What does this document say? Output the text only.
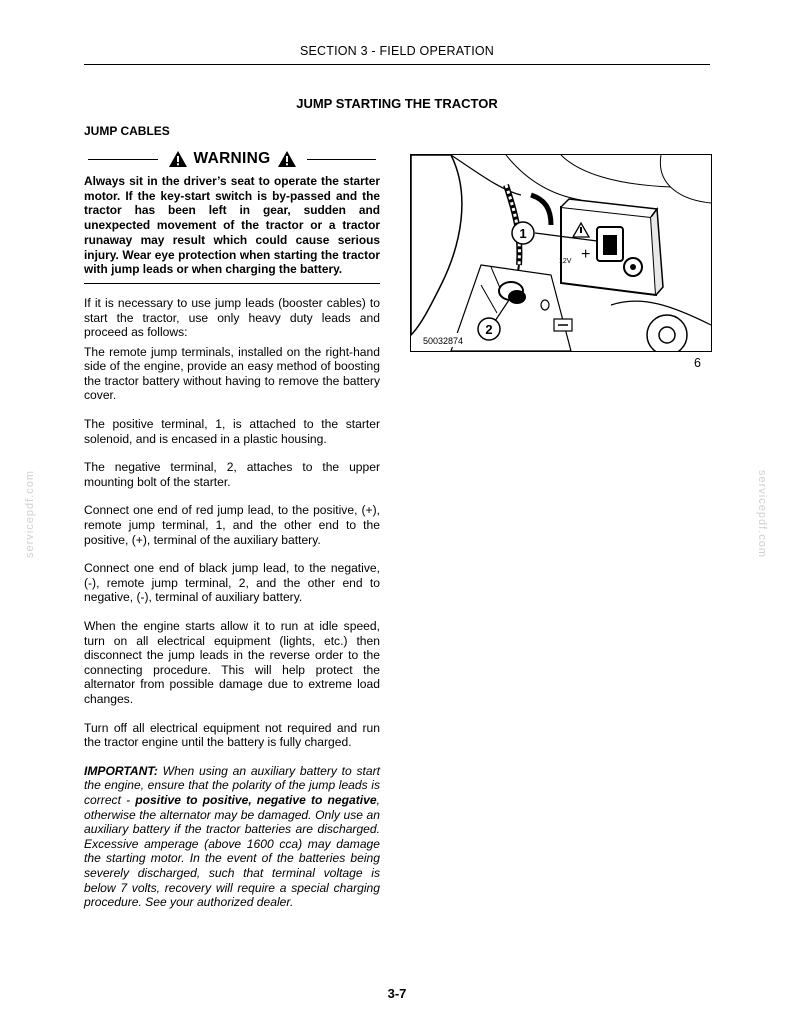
SECTION 3 - FIELD OPERATION
JUMP STARTING THE TRACTOR
servicepdf.com	servicepdf.com
JUMP CABLES
WARNING

Always sit in the driver’s seat to operate the starter motor. If the key-start switch is by-passed and the tractor has been left in gear, sudden and unexpected movement of the tractor or a tractor runaway may result which could cause serious injury. Wear eye protection when starting the tractor with jump leads or when charging the battery.

If it is necessary to use jump leads (booster cables) to start the tractor, use only heavy duty leads and proceed as follows:

The remote jump terminals, installed on the right-hand side of the engine, provide an easy method of boosting the tractor battery without having to remove the battery cover.

The positive terminal, 1, is attached to the starter solenoid, and is encased in a plastic housing.

The negative terminal, 2, attaches to the upper mounting bolt of the starter.

Connect one end of red jump lead, to the positive, (+), remote jump terminal, 1, and the other end to the positive, (+), terminal of the auxiliary battery.

Connect one end of black jump lead, to the negative, (-), remote jump terminal, 2, and the other end to negative, (-), terminal of auxiliary battery.

When the engine starts allow it to run at idle speed, turn on all electrical equipment (lights, etc.) then disconnect the jump leads in the reverse order to the connecting procedure. This will help protect the alternator from possible damage due to extreme load changes.

Turn off all electrical equipment not required and run the tractor engine until the battery is fully charged.

IMPORTANT: When using an auxiliary battery to start the engine, ensure that the polarity of the jump leads is correct - positive to positive, negative to negative, otherwise the alternator may be damaged. Only use an auxiliary battery if the tractor batteries are discharged. Excessive amperage (above 1600 cca) may damage the starting motor. In the event of the batteries being severely discharged, such that terminal voltage is below 7 volts, recovery will require a special charging procedure. See your authorized dealer.

12V +
1
2
50032874
6
3-7
